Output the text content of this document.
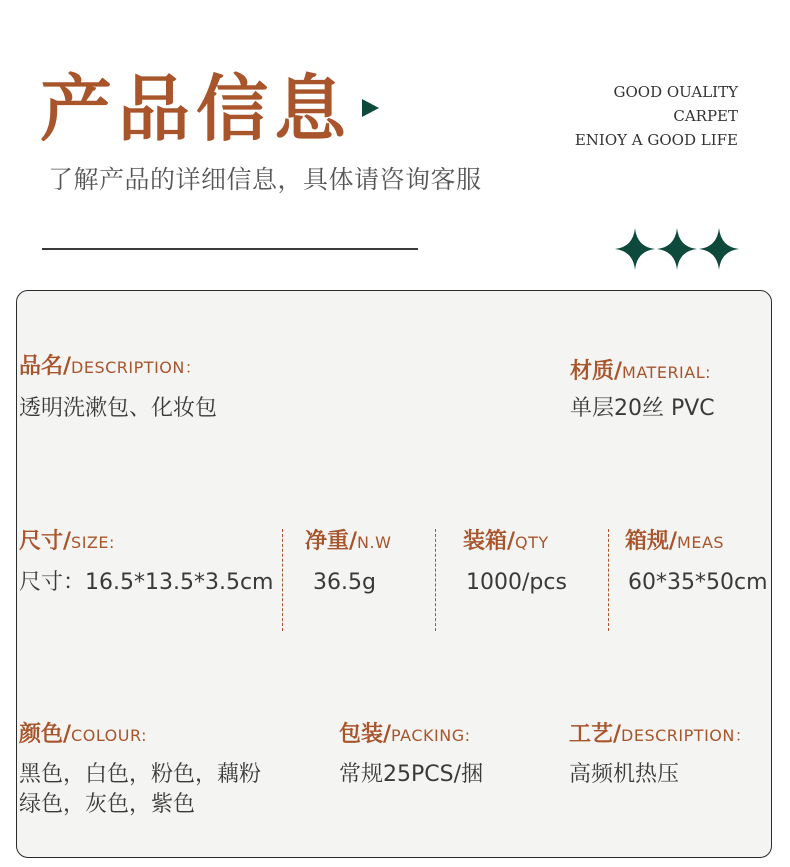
产品信息	GOOD OUALITY
CARPET
ENIOY A GOOD LIFE
了解产品的详细信息，具体请咨询客服
品名/DESCRIPTION：
透明洗漱包、化妆包
材质/MATERIAL:
单层20丝 PVC
尺寸/SIZE:
尺寸：16.5*13.5*3.5cm
净重/N.W
36.5g
装箱/QTY
1000/pcs
箱规/MEAS
60*35*50cm
颜色/COLOUR:
黑色，白色，粉色，藕粉
绿色，灰色，紫色
包装/PACKING:
常规25PCS/捆
工艺/DESCRIPTION：
高频机热压
